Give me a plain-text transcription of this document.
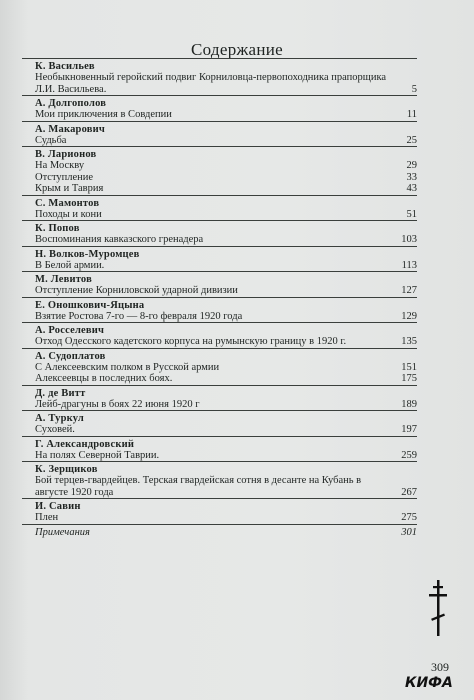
Содержание
К. Васильев
Необыкновенный геройский подвиг Корниловца-первопоходника прапорщика Л.И. Васильева.	5
А. Долгополов
Мои приключения в Совдепии	11
А. Макарович
Судьба	25
В. Ларионов
На Москву	29
Отступление	33
Крым и Таврия	43
С. Мамонтов
Походы и кони	51
К. Попов
Воспоминания кавказского гренадера	103
Н. Волков-Муромцев
В Белой армии.	113
М. Левитов
Отступление Корниловской ударной дивизии	127
Е. Оношкович-Яцына
Взятие Ростова 7-го — 8-го февраля 1920 года	129
А. Росселевич
Отход Одесского кадетского корпуса на румынскую границу в 1920 г.	135
А. Судоплатов
С Алексеевским полком в Русской армии	151
Алексеевцы в последних боях.	175
Д. де Витт
Лейб-драгуны в боях 22 июня 1920 г	189
А. Туркул
Суховей.	197
Г. Александровский
На полях Северной Таврии.	259
К. Зерщиков
Бой терцев-гвардейцев. Терская гвардейская сотня в десанте на Кубань в августе 1920 года	267
И. Савин
Плен	275
Примечания	301
309
КИФА
